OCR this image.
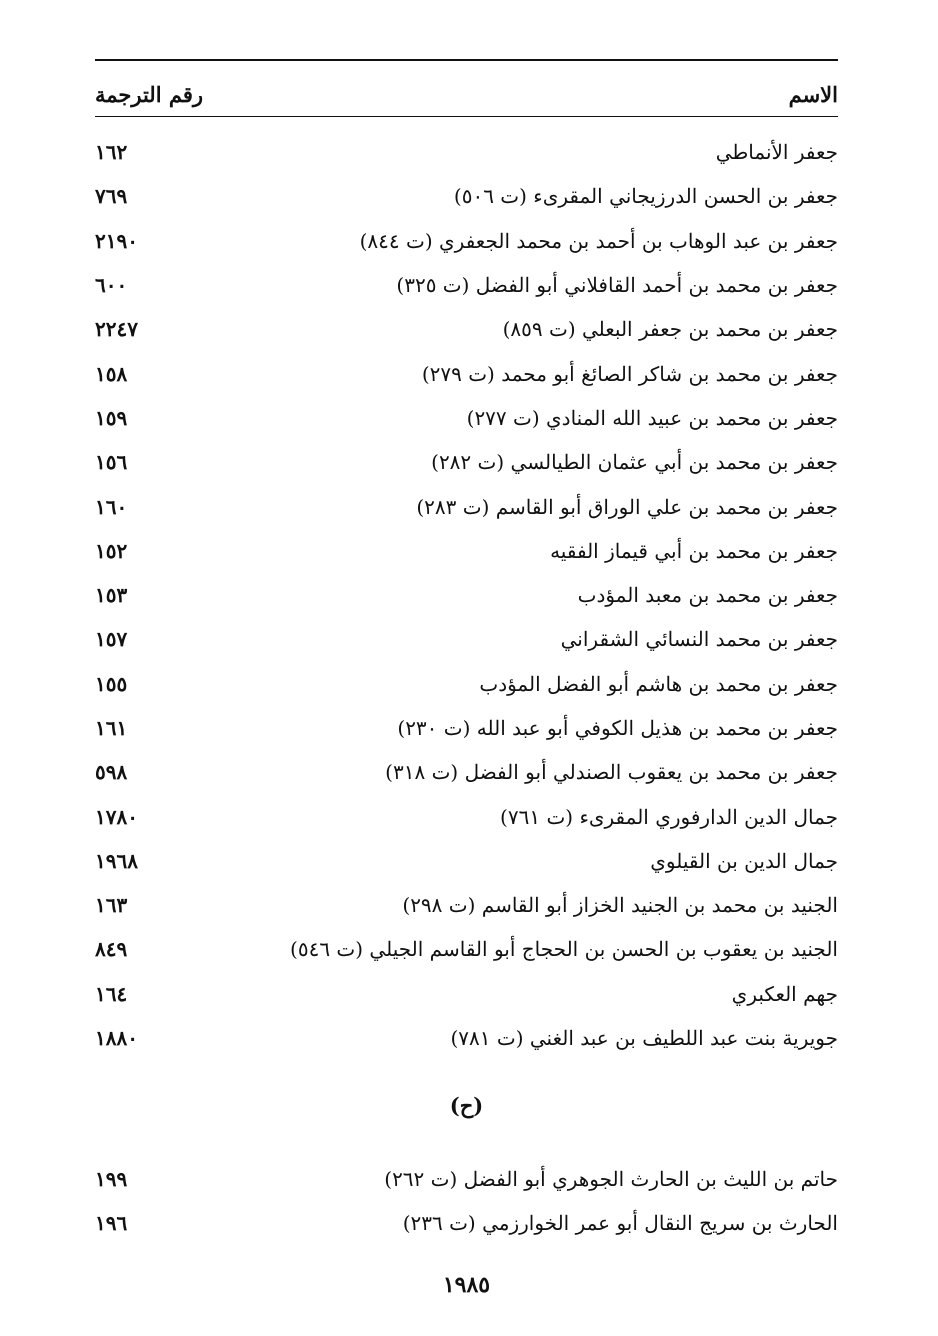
الاسم
رقم الترجمة
جعفر الأنماطي
١٦٢
جعفر بن الحسن الدرزيجاني المقرىء (ت ٥٠٦)
٧٦٩
جعفر بن عبد الوهاب بن أحمد بن محمد الجعفري (ت ٨٤٤)
٢١٩٠
جعفر بن محمد بن أحمد القافلاني أبو الفضل (ت ٣٢٥)
٦٠٠
جعفر بن محمد بن جعفر البعلي (ت ٨٥٩)
٢٢٤٧
جعفر بن محمد بن شاكر الصائغ أبو محمد (ت ٢٧٩)
١٥٨
جعفر بن محمد بن عبيد الله المنادي (ت ٢٧٧)
١٥٩
جعفر بن محمد بن أبي عثمان الطيالسي (ت ٢٨٢)
١٥٦
جعفر بن محمد بن علي الوراق أبو القاسم (ت ٢٨٣)
١٦٠
جعفر بن محمد بن أبي قيماز الفقيه
١٥٢
جعفر بن محمد بن معبد المؤدب
١٥٣
جعفر بن محمد النسائي الشقراني
١٥٧
جعفر بن محمد بن هاشم أبو الفضل المؤدب
١٥٥
جعفر بن محمد بن هذيل الكوفي أبو عبد الله (ت ٢٣٠)
١٦١
جعفر بن محمد بن يعقوب الصندلي أبو الفضل (ت ٣١٨)
٥٩٨
جمال الدين الدارفوري المقرىء (ت ٧٦١)
١٧٨٠
جمال الدين بن القيلوي
١٩٦٨
الجنيد بن محمد بن الجنيد الخزاز أبو القاسم (ت ٢٩٨)
١٦٣
الجنيد بن يعقوب بن الحسن بن الحجاج أبو القاسم الجيلي (ت ٥٤٦)
٨٤٩
جهم العكبري
١٦٤
جويرية بنت عبد اللطيف بن عبد الغني (ت ٧٨١)
١٨٨٠
(ح)
حاتم بن الليث بن الحارث الجوهري أبو الفضل (ت ٢٦٢)
١٩٩
الحارث بن سريج النقال أبو عمر الخوارزمي (ت ٢٣٦)
١٩٦
١٩٨٥
